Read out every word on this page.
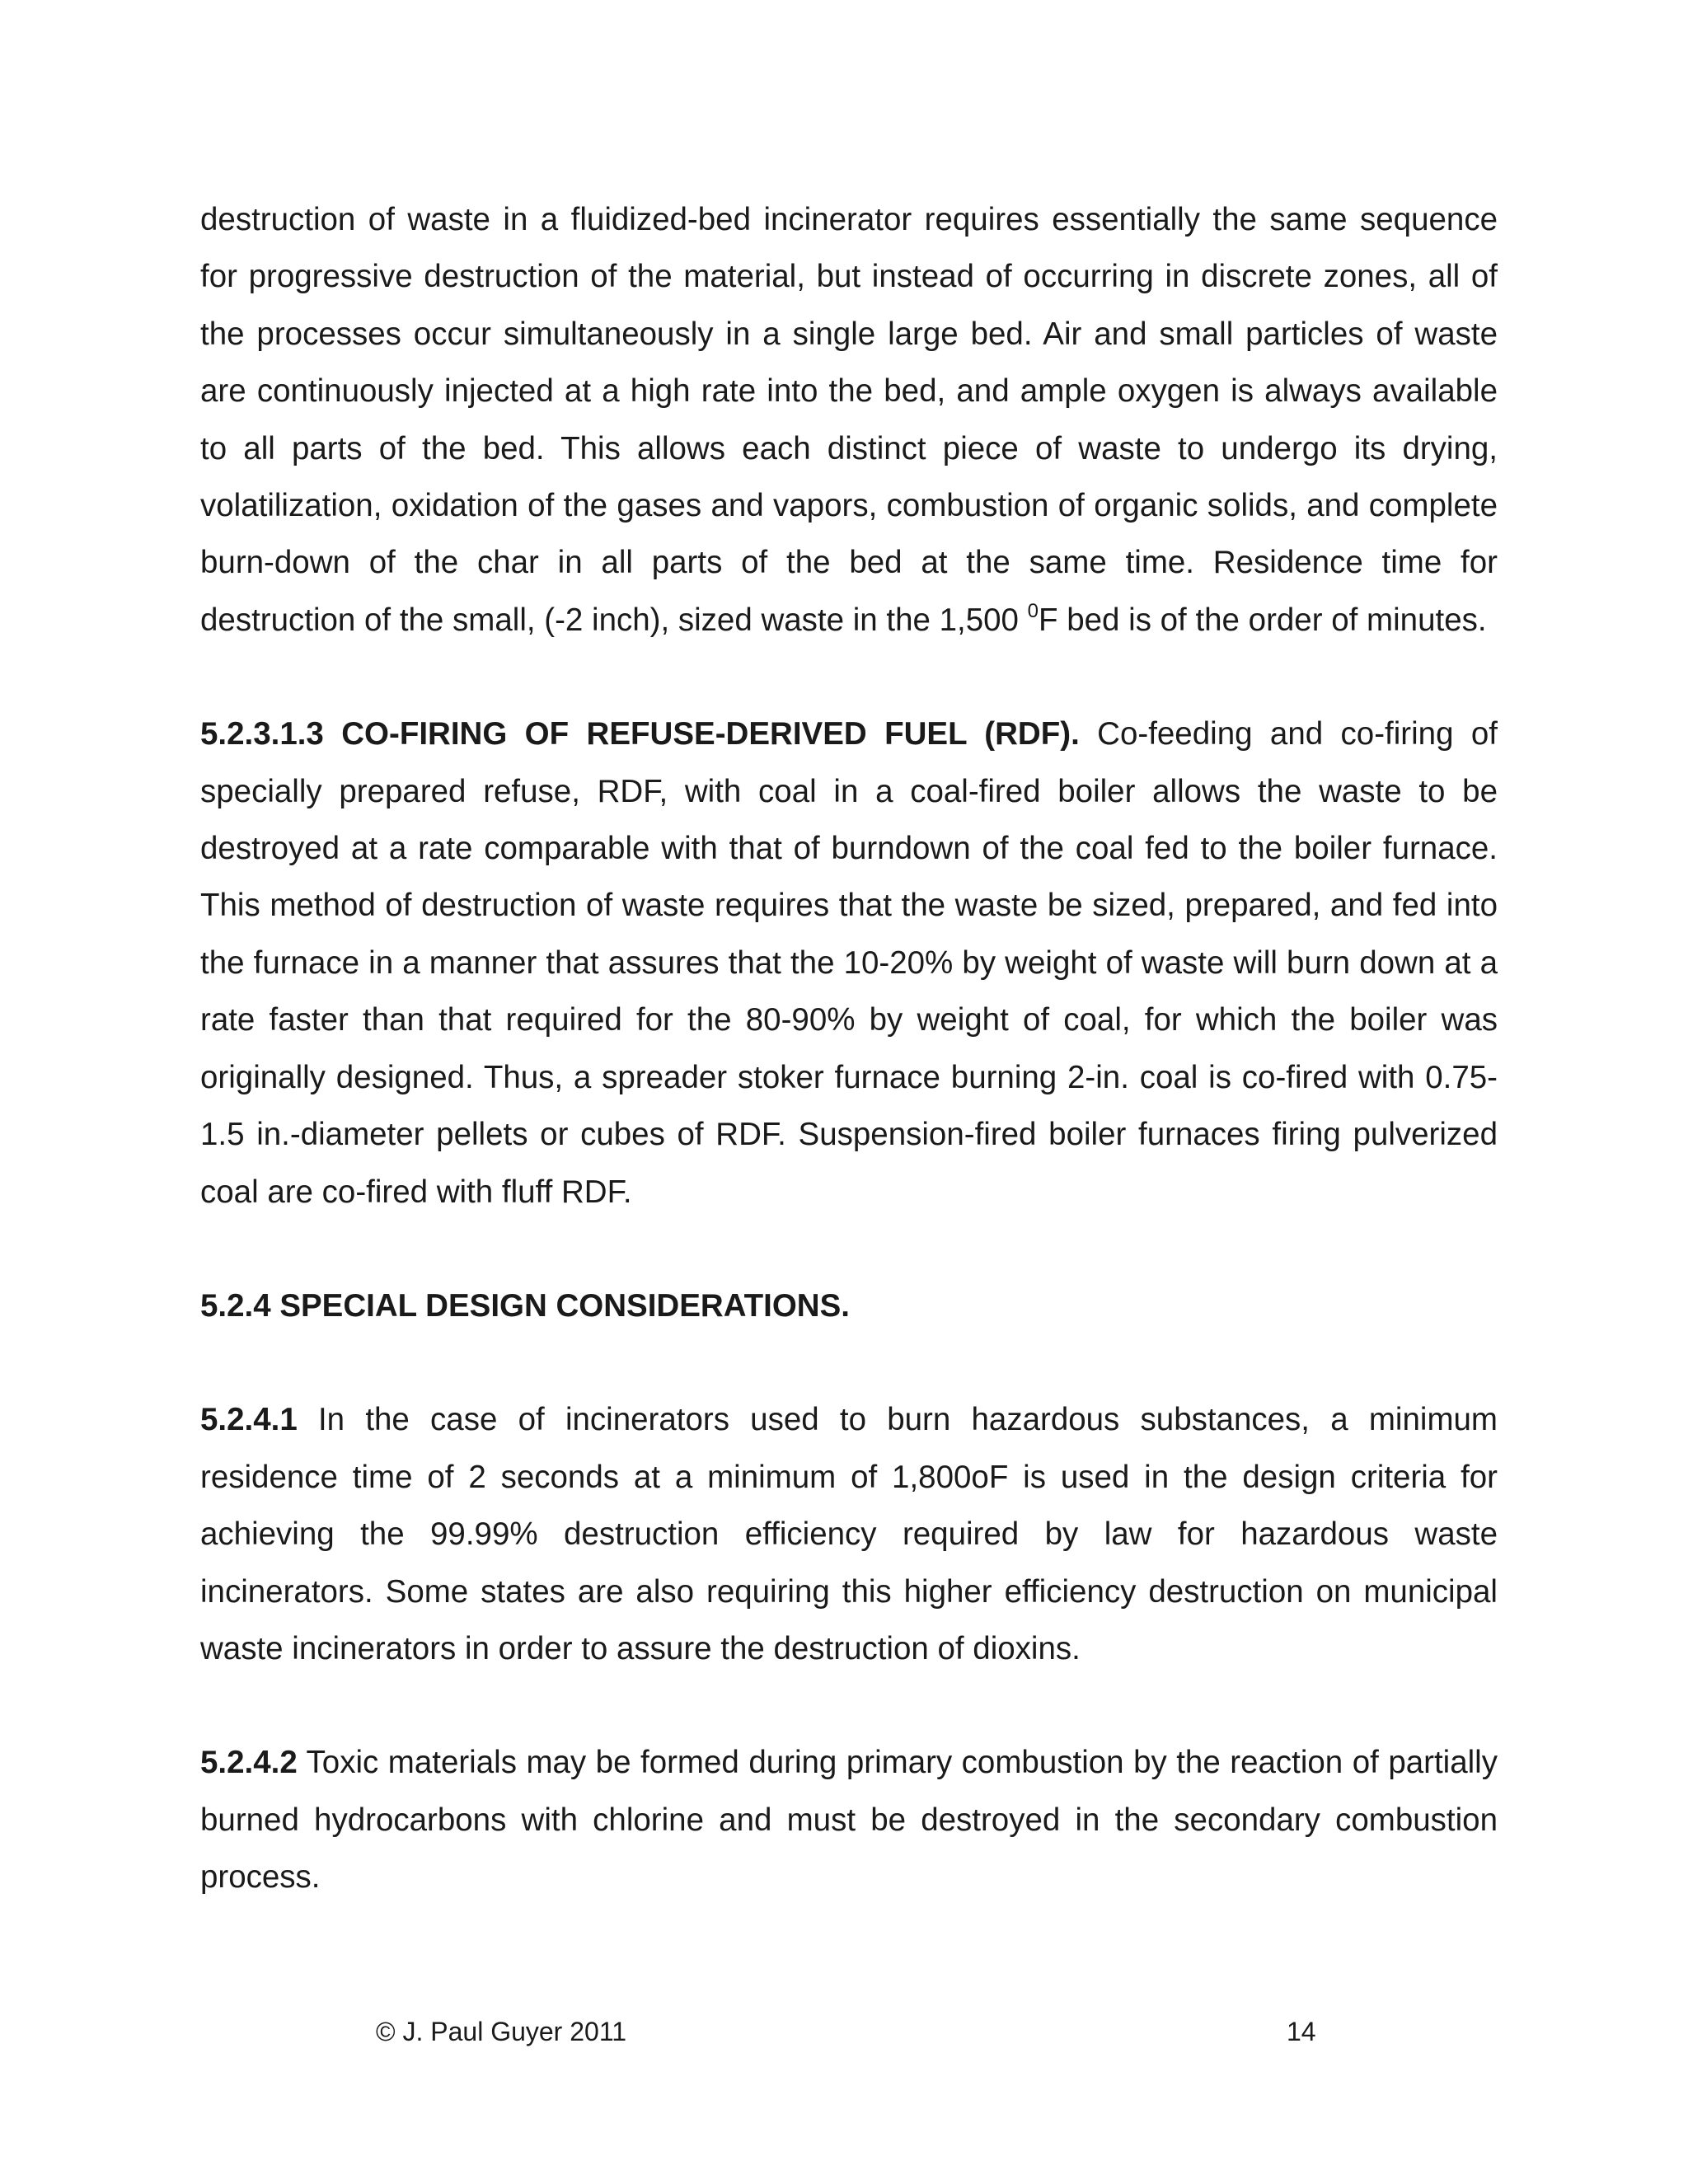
destruction of waste in a fluidized-bed incinerator requires essentially the same sequence for progressive destruction of the material, but instead of occurring in discrete zones, all of the processes occur simultaneously in a single large bed. Air and small particles of waste are continuously injected at a high rate into the bed, and ample oxygen is always available to all parts of the bed. This allows each distinct piece of waste to undergo its drying, volatilization, oxidation of the gases and vapors, combustion of organic solids, and complete burn-down of the char in all parts of the bed at the same time. Residence time for destruction of the small, (-2 inch), sized waste in the 1,500 $^0$F bed is of the order of minutes.

5.2.3.1.3 CO-FIRING OF REFUSE-DERIVED FUEL (RDF). Co-feeding and co-firing of specially prepared refuse, RDF, with coal in a coal-fired boiler allows the waste to be destroyed at a rate comparable with that of burndown of the coal fed to the boiler furnace. This method of destruction of waste requires that the waste be sized, prepared, and fed into the furnace in a manner that assures that the 10-20% by weight of waste will burn down at a rate faster than that required for the 80-90% by weight of coal, for which the boiler was originally designed. Thus, a spreader stoker furnace burning 2-in. coal is co-fired with 0.75-1.5 in.-diameter pellets or cubes of RDF. Suspension-fired boiler furnaces firing pulverized coal are co-fired with fluff RDF.

5.2.4 SPECIAL DESIGN CONSIDERATIONS.

5.2.4.1 In the case of incinerators used to burn hazardous substances, a minimum residence time of 2 seconds at a minimum of 1,800oF is used in the design criteria for achieving the 99.99% destruction efficiency required by law for hazardous waste incinerators. Some states are also requiring this higher efficiency destruction on municipal waste incinerators in order to assure the destruction of dioxins.

5.2.4.2 Toxic materials may be formed during primary combustion by the reaction of partially burned hydrocarbons with chlorine and must be destroyed in the secondary combustion process.

© J. Paul Guyer 2011	14
